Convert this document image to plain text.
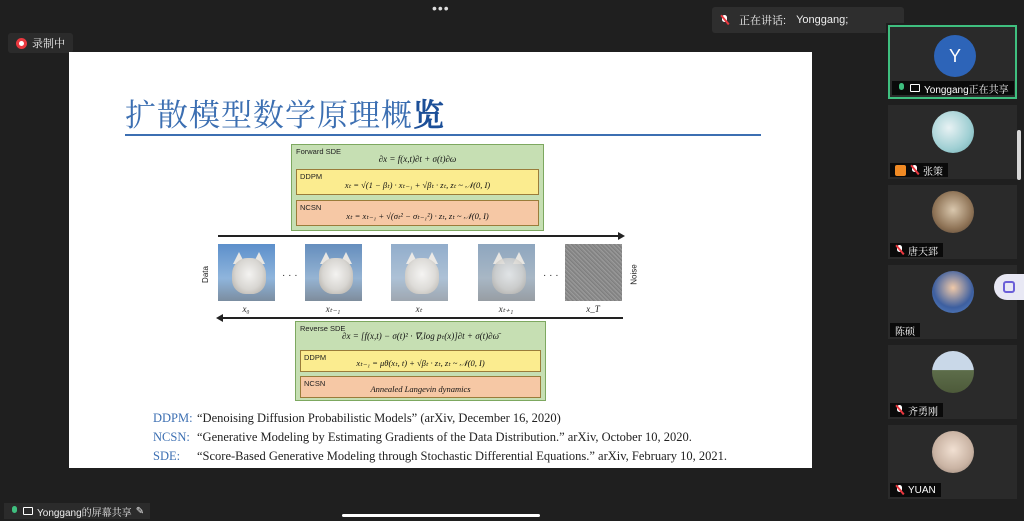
•••
录制中
正在讲话: Yonggang;
扩散模型数学原理概览
Forward SDE
∂x = f(x,t)∂t + σ(t)∂ω
DDPM
xₜ = √(1 − βₜ) · xₜ₋₁ + √βₜ · zₜ, zₜ ~ 𝒩(0, I)
NCSN
xₜ = xₜ₋₁ + √(σₜ² − σₜ₋₁²) · zₜ, zₜ ~ 𝒩(0, I)
Data	Noise
· · ·	· · ·
x₀	xₜ₋₁	xₜ	xₜ₊₁	x_T
Reverse SDE
∂x = [f(x,t) − σ(t)² · ∇ₓlog pₜ(x)]∂t + σ(t)∂ω̄
DDPM
xₜ₋₁ = μθ(xₜ, t) + √βₜ · zₜ, zₜ ~ 𝒩(0, I)
NCSN
Annealed Langevin dynamics
DDPM: “Denoising Diffusion Probabilistic Models” (arXiv, December 16, 2020)
NCSN: “Generative Modeling by Estimating Gradients of the Data Distribution.” arXiv, October 10, 2020.
SDE:	“Score-Based Generative Modeling through Stochastic Differential Equations.” arXiv, February 10, 2021.
Y
Yonggang正在共享
张策
唐天郅
陈硕
齐勇刚
YUAN
Yonggang的屏幕共享 ✎
